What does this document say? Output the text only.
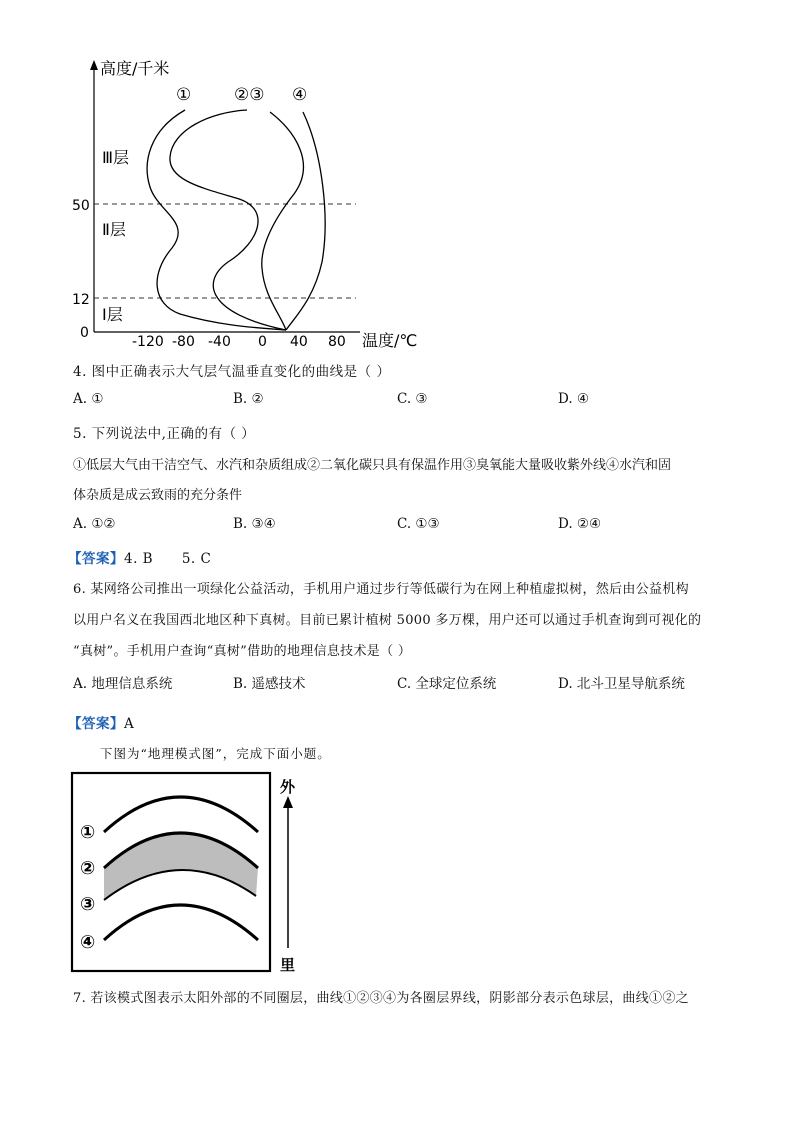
高度/千米
①	②③ ④
Ⅲ层
Ⅱ层
Ⅰ层
50
12
0
-120 -80 -40 0 40 80 温度/℃
4. 图中正确表示大气层气温垂直变化的曲线是（ ）
A. ①	B. ②	C. ③	D. ④
5. 下列说法中,正确的有（ ）
①低层大气由干洁空气、水汽和杂质组成②二氧化碳只具有保温作用③臭氧能大量吸收紫外线④水汽和固
体杂质是成云致雨的充分条件
A. ①②	B. ③④	C. ①③	D. ②④
【答案】4. B      5. C
6. 某网络公司推出一项绿化公益活动，手机用户通过步行等低碳行为在网上种植虚拟树，然后由公益机构
以用户名义在我国西北地区种下真树。目前已累计植树 5000 多万棵，用户还可以通过手机查询到可视化的
“真树”。手机用户查询“真树”借助的地理信息技术是（ ）
A. 地理信息系统	B. 遥感技术	C. 全球定位系统	D. 北斗卫星导航系统
【答案】A
下图为“地理模式图”，完成下面小题。
①
②
③
④
外
里
7. 若该模式图表示太阳外部的不同圈层，曲线①②③④为各圈层界线，阴影部分表示色球层，曲线①②之
